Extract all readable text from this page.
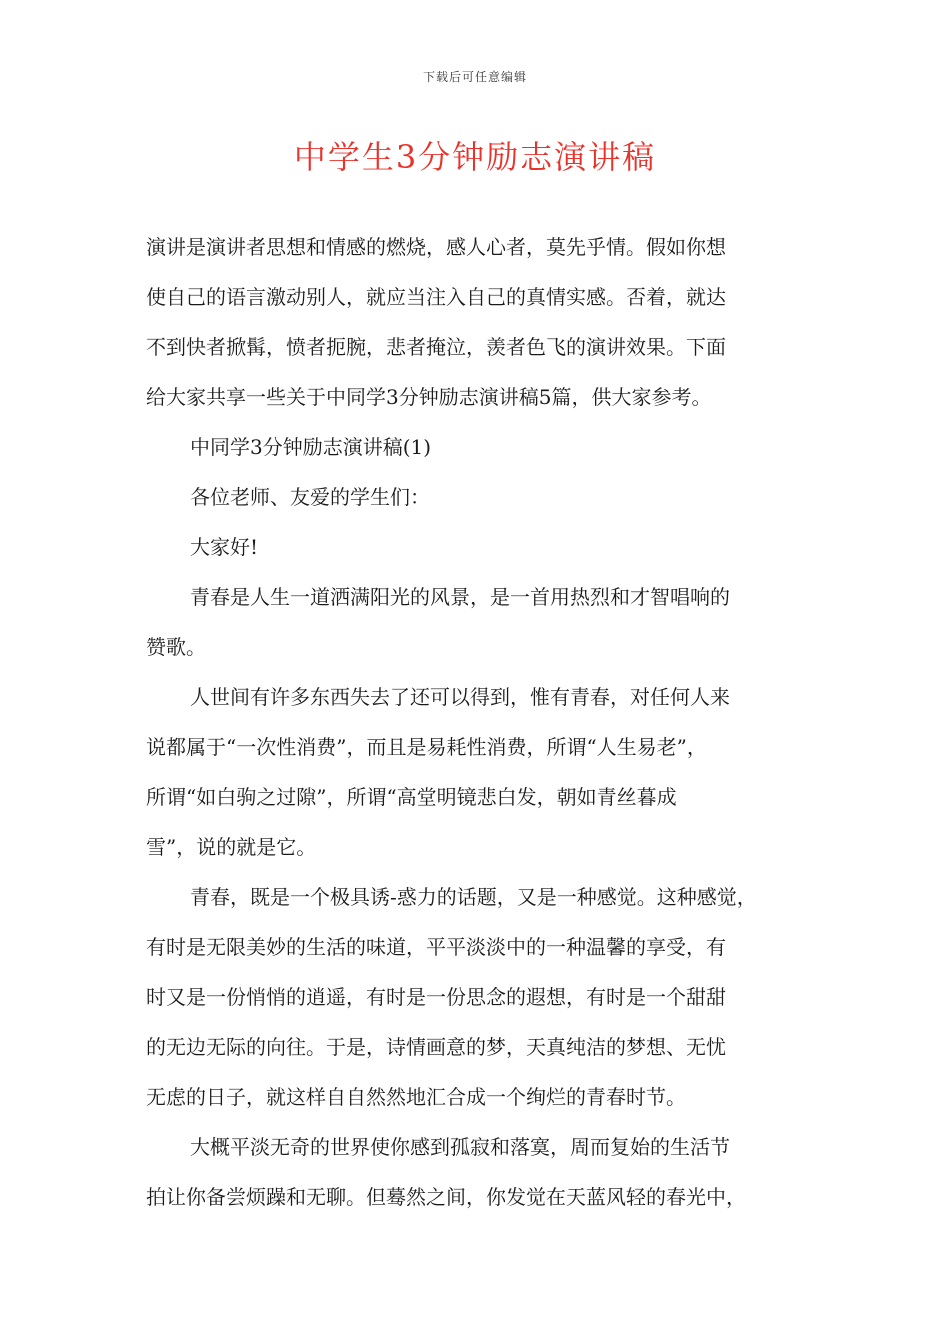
下载后可任意编辑
中学生3分钟励志演讲稿
演讲是演讲者思想和情感的燃烧，感人心者，莫先乎情。假如你想
使自己的语言激动别人，就应当注入自己的真情实感。否着，就达
不到快者掀髯，愤者扼腕，悲者掩泣，羡者色飞的演讲效果。下面
给大家共享一些关于中同学3分钟励志演讲稿5篇，供大家参考。
中同学3分钟励志演讲稿(1)
各位老师、友爱的学生们：
大家好!
青春是人生一道洒满阳光的风景，是一首用热烈和才智唱响的
赞歌。
人世间有许多东西失去了还可以得到，惟有青春，对任何人来
说都属于“一次性消费”，而且是易耗性消费，所谓“人生易老”，
所谓“如白驹之过隙”，所谓“高堂明镜悲白发，朝如青丝暮成
雪”，说的就是它。
青春，既是一个极具诱-惑力的话题，又是一种感觉。这种感觉，
有时是无限美妙的生活的味道，平平淡淡中的一种温馨的享受，有
时又是一份悄悄的逍遥，有时是一份思念的遐想，有时是一个甜甜
的无边无际的向往。于是，诗情画意的梦，天真纯洁的梦想、无忧
无虑的日子，就这样自自然然地汇合成一个绚烂的青春时节。
大概平淡无奇的世界使你感到孤寂和落寞，周而复始的生活节
拍让你备尝烦躁和无聊。但蓦然之间，你发觉在天蓝风轻的春光中，
